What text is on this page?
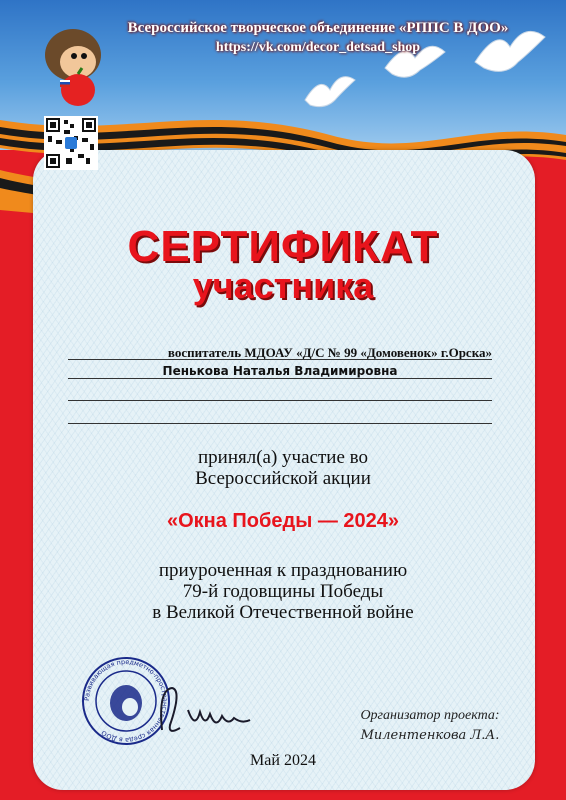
Всероссийское творческое объединение «РППС В ДОО»
https://vk.com/decor_detsad_shop
СЕРТИФИКАТ
участника
воспитатель МДОАУ «Д/С № 99 «Домовенок» г.Орска»
Пенькова Наталья Владимировна
принял(а) участие во
Всероссийской акции
«Окна Победы — 2024»
приуроченная к празднованию
79-й годовщины Победы
в Великой Отечественной войне
Развивающая предметно-пространственная среда в ДОО
Организатор проекта:
Милентенкова Л.А.
Май 2024
